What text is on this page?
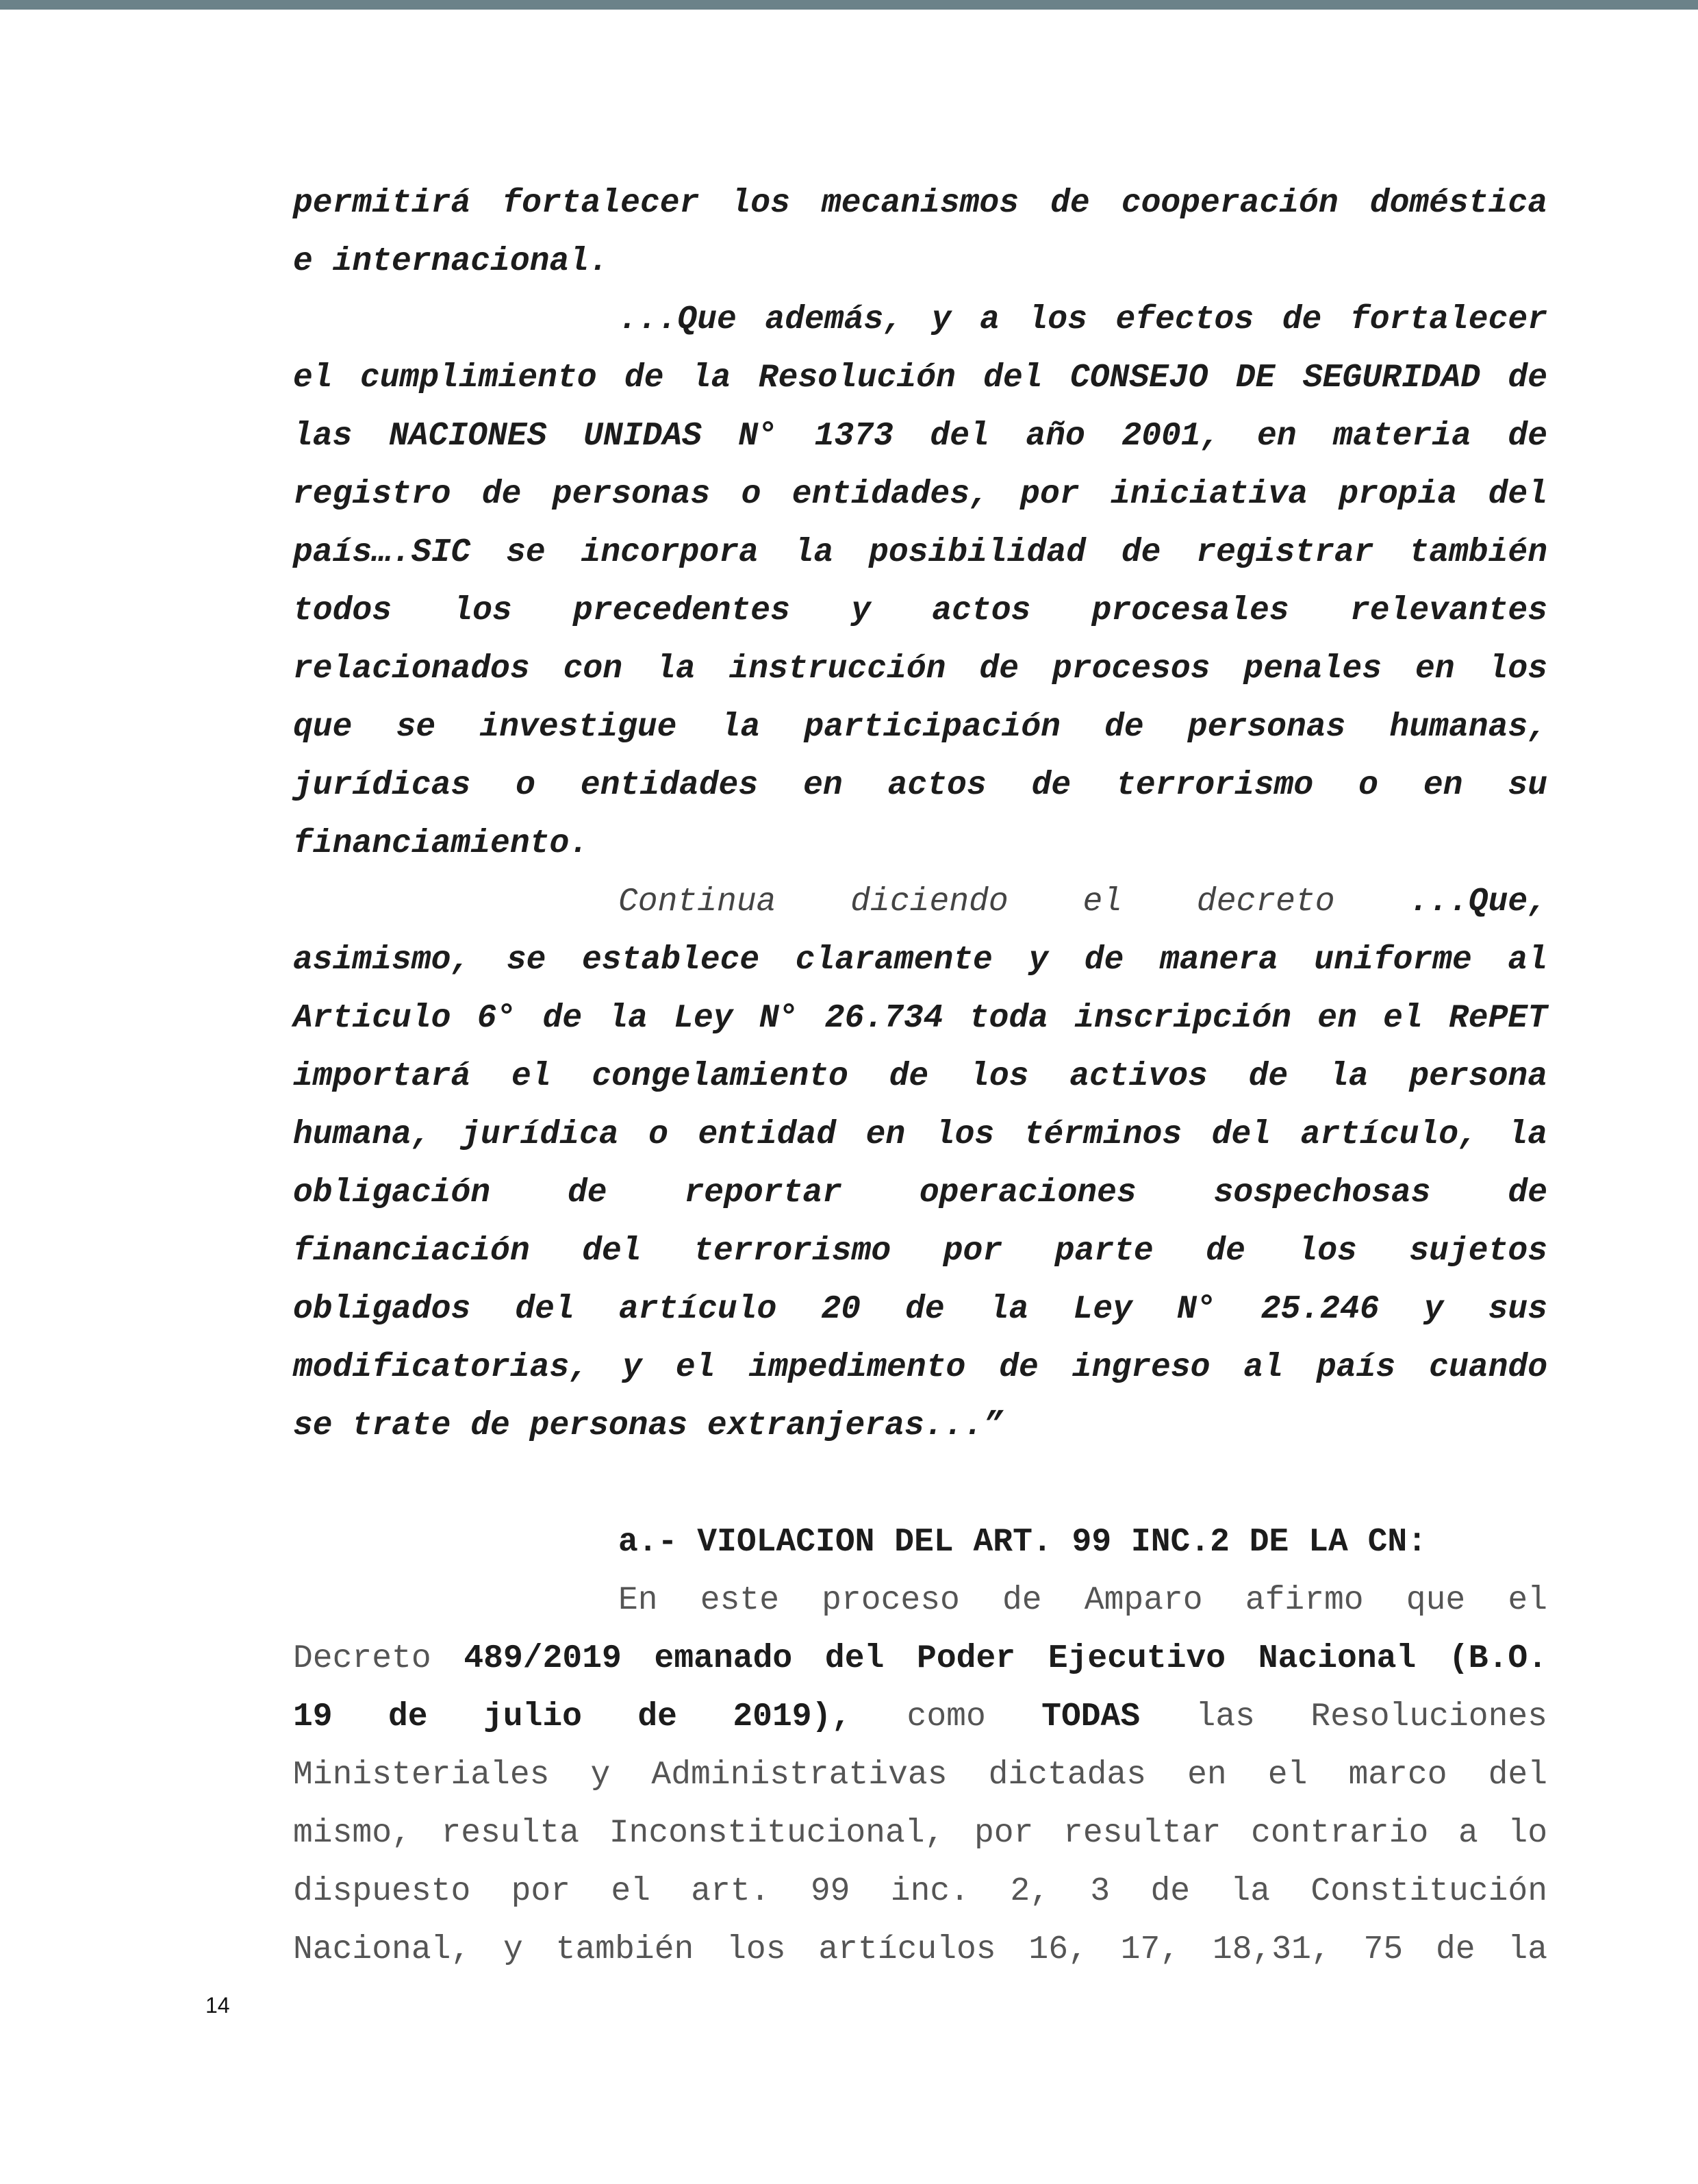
permitirá fortalecer los mecanismos de cooperación doméstica
e internacional.
...Que además, y a los efectos de fortalecer
el cumplimiento de la Resolución del CONSEJO DE SEGURIDAD de
las NACIONES UNIDAS N° 1373 del año 2001, en materia de
registro de personas o entidades, por iniciativa propia del
país….SIC se incorpora la posibilidad de registrar también
todos los precedentes y actos procesales relevantes
relacionados con la instrucción de procesos penales en los
que se investigue la participación de personas humanas,
jurídicas o entidades en actos de terrorismo o en su
financiamiento.
Continua diciendo el decreto ...Que,
asimismo, se establece claramente y de manera uniforme al
Articulo 6° de la Ley N° 26.734 toda inscripción en el RePET
importará el congelamiento de los activos de la persona
humana, jurídica o entidad en los términos del artículo, la
obligación de reportar operaciones sospechosas de
financiación del terrorismo por parte de los sujetos
obligados del artículo 20 de la Ley N° 25.246 y sus
modificatorias, y el impedimento de ingreso al país cuando
se trate de personas extranjeras...”
a.- VIOLACION DEL ART. 99 INC.2 DE LA CN:
En este proceso de Amparo afirmo que el
Decreto 489/2019 emanado del Poder Ejecutivo Nacional (B.O.
19 de julio de 2019), como TODAS las Resoluciones
Ministeriales y Administrativas dictadas en el marco del
mismo, resulta Inconstitucional, por resultar contrario a lo
dispuesto por el art. 99 inc. 2, 3 de la Constitución
Nacional, y también los artículos 16, 17, 18,31, 75 de la
14
